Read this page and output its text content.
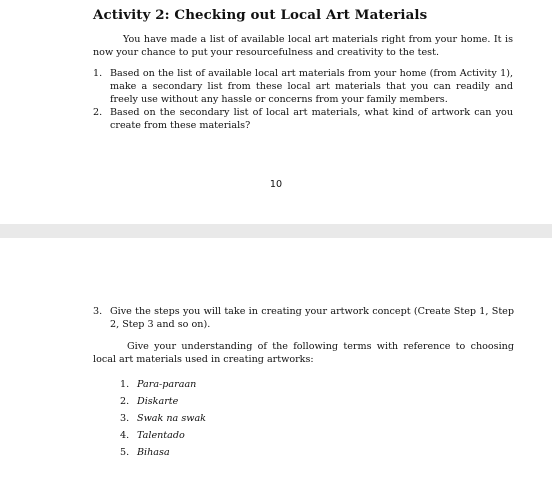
Activity 2: Checking out Local Art Materials
You have made a list of available local art materials right from your home. It is now your chance to put your resourcefulness and creativity to the test.
1. Based on the list of available local art materials from your home (from Activity 1), make a secondary list from these local art materials that you can readily and freely use without any hassle or concerns from your family members.
2. Based on the secondary list of local art materials, what kind of artwork can you create from these materials?
10
3. Give the steps you will take in creating your artwork concept (Create Step 1, Step 2, Step 3 and so on).
Give your understanding of the following terms with reference to choosing local art materials used in creating artworks:
1. Para-paraan
2. Diskarte
3. Swak na swak
4. Talentado
5. Bihasa
